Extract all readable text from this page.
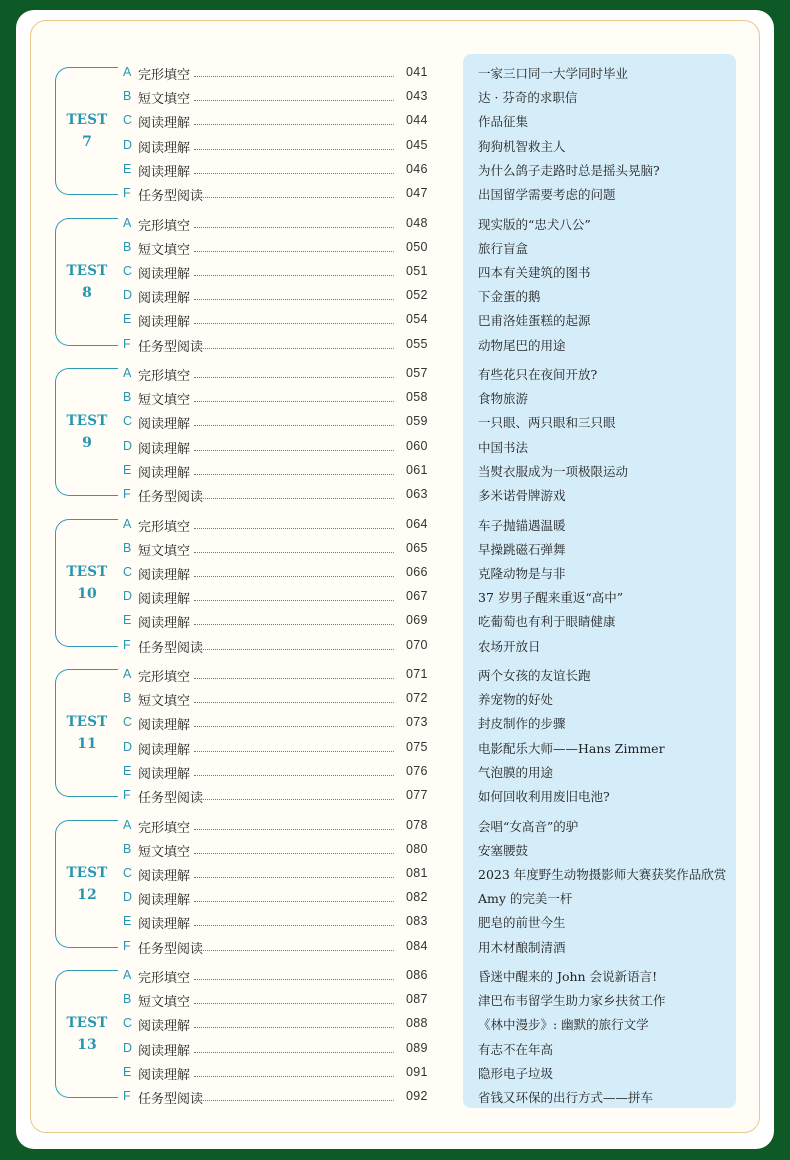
TEST
7
A 完形填空	041	一家三口同一大学同时毕业
B 短文填空	043	达 · 芬奇的求职信
C 阅读理解	044	作品征集
D 阅读理解	045	狗狗机智救主人
E 阅读理解	046	为什么鸽子走路时总是摇头晃脑?
F 任务型阅读	047	出国留学需要考虑的问题
TEST
8
A 完形填空	048	现实版的“忠犬八公”
B 短文填空	050	旅行盲盒
C 阅读理解	051	四本有关建筑的图书
D 阅读理解	052	下金蛋的鹅
E 阅读理解	054	巴甫洛娃蛋糕的起源
F 任务型阅读	055	动物尾巴的用途
TEST
9
A 完形填空	057	有些花只在夜间开放?
B 短文填空	058	食物旅游
C 阅读理解	059	一只眼、两只眼和三只眼
D 阅读理解	060	中国书法
E 阅读理解	061	当熨衣服成为一项极限运动
F 任务型阅读	063	多米诺骨牌游戏
TEST
10
A 完形填空	064	车子抛锚遇温暖
B 短文填空	065	早操跳磁石弹舞
C 阅读理解	066	克隆动物是与非
D 阅读理解	067	37 岁男子醒来重返“高中”
E 阅读理解	069	吃葡萄也有利于眼睛健康
F 任务型阅读	070	农场开放日
TEST
11
A 完形填空	071	两个女孩的友谊长跑
B 短文填空	072	养宠物的好处
C 阅读理解	073	封皮制作的步骤
D 阅读理解	075	电影配乐大师——Hans Zimmer
E 阅读理解	076	气泡膜的用途
F 任务型阅读	077	如何回收利用废旧电池?
TEST
12
A 完形填空	078	会唱“女高音”的驴
B 短文填空	080	安塞腰鼓
C 阅读理解	081	2023 年度野生动物摄影师大赛获奖作品欣赏
D 阅读理解	082	Amy 的完美一杆
E 阅读理解	083	肥皂的前世今生
F 任务型阅读	084	用木材酿制清酒
TEST
13
A 完形填空	086	昏迷中醒来的 John 会说新语言!
B 短文填空	087	津巴布韦留学生助力家乡扶贫工作
C 阅读理解	088	《林中漫步》: 幽默的旅行文学
D 阅读理解	089	有志不在年高
E 阅读理解	091	隐形电子垃圾
F 任务型阅读	092	省钱又环保的出行方式——拼车
